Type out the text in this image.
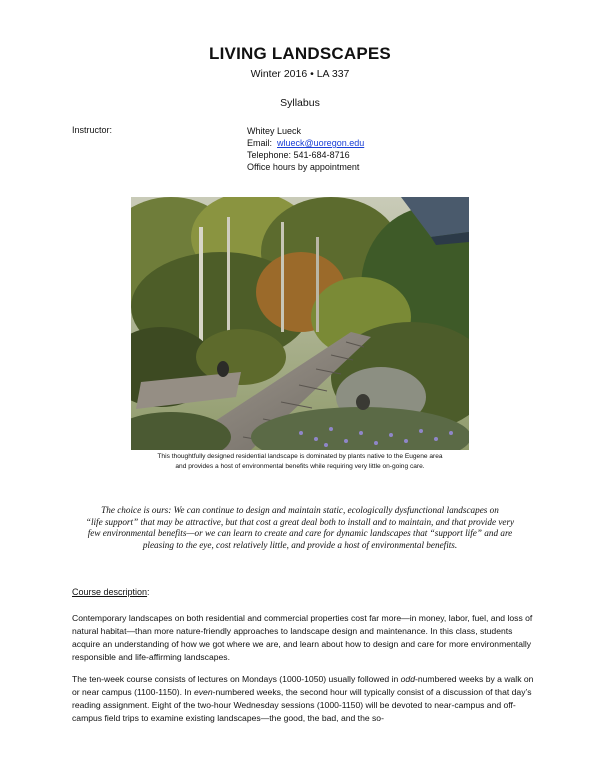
LIVING LANDSCAPES
Winter 2016 • LA 337
Syllabus
Instructor:	Whitey Lueck
Email: wlueck@uoregon.edu
Telephone: 541-684-8716
Office hours by appointment
This thoughtfully designed residential landscape is dominated by plants native to the Eugene area
and provides a host of environmental benefits while requiring very little on-going care.
The choice is ours: We can continue to design and maintain static, ecologically dysfunctional landscapes on
“life support” that may be attractive, but that cost a great deal both to install and to maintain, and that provide very
few environmental benefits—or we can learn to create and care for dynamic landscapes that “support life” and are
pleasing to the eye, cost relatively little, and provide a host of environmental benefits.
Course description:
Contemporary landscapes on both residential and commercial properties cost far more—in money, labor, fuel, and loss of natural habitat—than more nature-friendly approaches to landscape design and maintenance. In this class, students acquire an understanding of how we got where we are, and learn about how to design and care for more environmentally responsible and life-affirming landscapes.
The ten-week course consists of lectures on Mondays (1000-1050) usually followed in odd-numbered weeks by a walk on or near campus (1100-1150). In even-numbered weeks, the second hour will typically consist of a discussion of that day’s reading assignment. Eight of the two-hour Wednesday sessions (1000-1150) will be devoted to near-campus and off-campus field trips to examine existing landscapes—the good, the bad, and the so-
